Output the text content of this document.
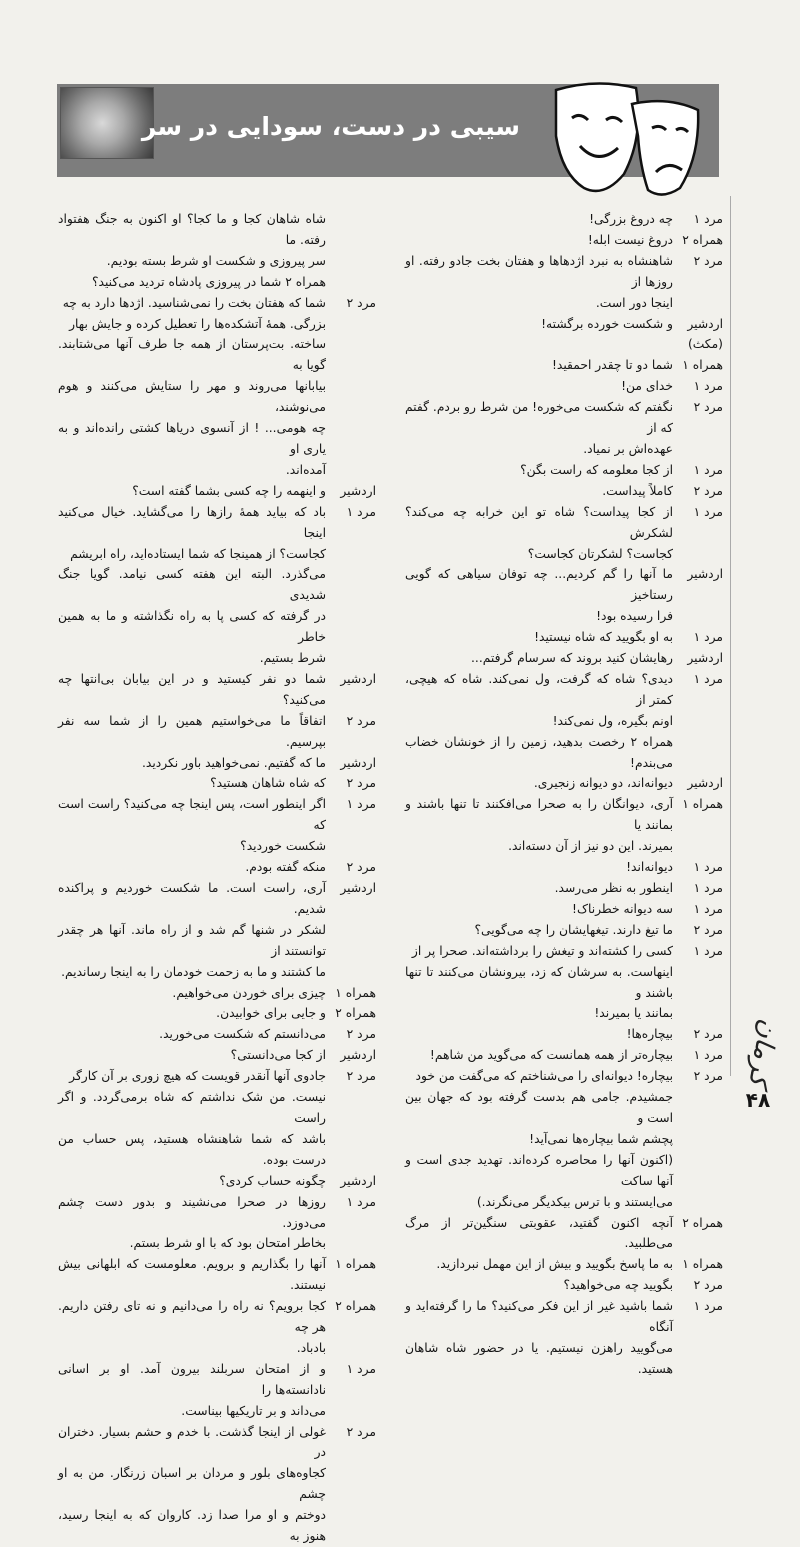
سیبی در دست، سودایی در سر
مرد ۱
چه دروغ بزرگی!
همراه ۲
دروغ نیست ابله!
مرد ۲
شاهنشاه به نبرد اژدهاها و هفتان بخت جادو رفته. او روزها از
اینجا دور است.
اردشیر
و شکست خورده برگشته!
(مکث)
همراه ۱
شما دو تا چقدر احمقید!
مرد ۱
خدای من!
مرد ۲
نگفتم که شکست می‌خوره! من شرط رو بردم. گفتم که از
عهده‌اش بر نمیاد.
مرد ۱
از کجا معلومه که راست بگن؟
مرد ۲
کاملاً پیداست.
مرد ۱
از کجا پیداست؟ شاه تو این خرابه چه می‌کند؟ لشکرش
کجاست؟ لشکرتان کجاست؟
اردشیر
ما آنها را گم کردیم... چه توفان سیاهی که گویی رستاخیز
فرا رسیده بود!
مرد ۱
به او بگویید که شاه نیستید!
اردشیر
رهایشان کنید بروند که سرسام گرفتم...
مرد ۱
دیدی؟ شاه که گرفت، ول نمی‌کند. شاه که هیچی، کمتر از
اونم بگیره، ول نمی‌کند!
همراه ۲ رخصت بدهید، زمین را از خونشان خضاب می‌بندم!
اردشیر
دیوانه‌اند، دو دیوانه زنجیری.
همراه ۱
آری، دیوانگان را به صحرا می‌افکنند تا تنها باشند و بمانند یا
بمیرند. این دو نیز از آن دسته‌اند.
مرد ۱
دیوانه‌اند!
مرد ۱
اینطور به نظر می‌رسد.
مرد ۱
سه دیوانه خطرناک!
مرد ۲
ما تیغ دارند. تیغهایشان را چه می‌گویی؟
مرد ۱
کسی را کشته‌اند و تیغش را برداشته‌اند. صحرا پر از
اینهاست. به سرشان که زد، بیرونشان می‌کنند تا تنها باشند و
بمانند یا بمیرند!
مرد ۲
بیچاره‌ها!
مرد ۱
بیچاره‌تر از همه همانست که می‌گوید من شاهم!
مرد ۲
بیچاره! دیوانه‌ای را می‌شناختم که می‌گفت من خود
جمشیدم. جامی هم بدست گرفته بود که جهان بین است و
پچشم شما بیچاره‌ها نمی‌آید!
(اکنون آنها را محاصره کرده‌اند. تهدید جدی است و آنها ساکت
می‌ایستند و با ترس بیکدیگر می‌نگرند.)
همراه ۲
آنچه اکنون گفتید، عقوبتی سنگین‌تر از مرگ می‌طلبید.
همراه ۱
به ما پاسخ بگویید و بیش از این مهمل نبردازید.
مرد ۲
بگویید چه می‌خواهید؟
مرد ۱
شما باشید غیر از این فکر می‌کنید؟ ما را گرفته‌اید و آنگاه
می‌گویید راهزن نیستیم. یا در حضور شاه شاهان هستید.
شاه شاهان کجا و ما کجا؟ او اکنون به جنگ هفتواد رفته. ما
سر پیروزی و شکست او شرط بسته بودیم.
همراه ۲ شما در پیروزی پادشاه تردید می‌کنید؟
مرد ۲
شما که هفتان بخت را نمی‌شناسید. اژدها دارد به چه
بزرگی. همهٔ آتشکده‌ها را تعطیل کرده و جایش بهار
ساخته. بت‌پرستان از همه جا طرف آنها می‌شتابند. گویا به
بیابانها می‌روند و مهر را ستایش می‌کنند و هوم می‌نوشند،
چه هومی... ! از آنسوی دریاها کشتی رانده‌اند و به یاری او
آمده‌اند.
اردشیر
و اینهمه را چه کسی بشما گفته است؟
مرد ۱
باد که بیاید همهٔ رازها را می‌گشاید. خیال می‌کنید اینجا
کجاست؟ از همینجا که شما ایستاده‌اید، راه ابریشم
می‌گذرد. البته این هفته کسی نیامد. گویا جنگ شدیدی
در گرفته که کسی پا به راه نگذاشته و ما به همین خاطر
شرط بستیم.
اردشیر
شما دو نفر کیستید و در این بیابان بی‌انتها چه می‌کنید؟
مرد ۲
اتفاقاً ما می‌خواستیم همین را از شما سه نفر بپرسیم.
اردشیر
ما که گفتیم. نمی‌خواهید باور نکردید.
مرد ۲
که شاه شاهان هستید؟
مرد ۱
اگر اینطور است، پس اینجا چه می‌کنید؟ راست است که
شکست خوردید؟
مرد ۲
منکه گفته بودم.
اردشیر
آری، راست است. ما شکست خوردیم و پراکنده شدیم.
لشکر در شنها گم شد و از راه ماند. آنها هر چقدر توانستند از
ما کشتند و ما به زحمت خودمان را به اینجا رساندیم.
همراه ۱
چیزی برای خوردن می‌خواهیم.
همراه ۲
و جایی برای خوابیدن.
مرد ۲
می‌دانستم که شکست می‌خورید.
اردشیر
از کجا می‌دانستی؟
مرد ۲
جادوی آنها آنقدر قویست که هیچ زوری بر آن کارگر
نیست. من شک نداشتم که شاه برمی‌گردد. و اگر راست
باشد که شما شاهنشاه هستید، پس حساب من درست بوده.
اردشیر
چگونه حساب کردی؟
مرد ۱
روزها در صحرا می‌نشیند و بدور دست چشم می‌دوزد.
بخاطر امتحان بود که با او شرط بستم.
همراه ۱
آنها را بگذاریم و برویم. معلومست که ابلهانی بیش نیستند.
همراه ۲
کجا برویم؟ نه راه را می‌دانیم و نه تای رفتن داریم. هر چه
بادباد.
مرد ۱
و از امتحان سربلند بیرون آمد. او بر اسانی نادانسته‌ها را
می‌داند و بر تاریکیها بیناست.
مرد ۲
غولی از اینجا گذشت. با خدم و حشم بسیار. دختران در
کجاوه‌های بلور و مردان بر اسبان زرنگار. من به او چشم
دوختم و او مرا صدا زد. کاروان که به اینجا رسید، هنوز به
کرمان
۴۸
